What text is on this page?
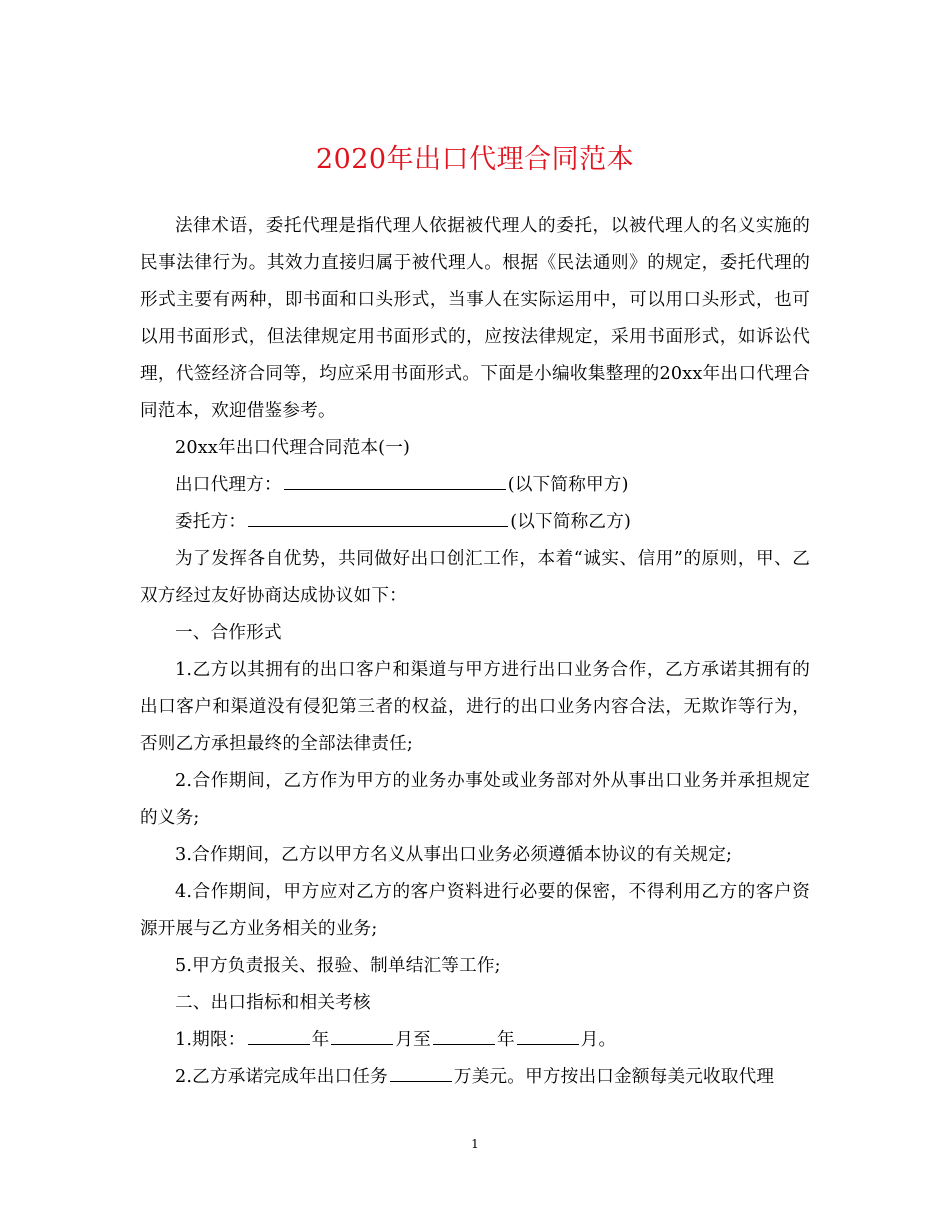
2020年出口代理合同范本

法律术语，委托代理是指代理人依据被代理人的委托，以被代理人的名义实施的民事法律行为。其效力直接归属于被代理人。根据《民法通则》的规定，委托代理的形式主要有两种，即书面和口头形式，当事人在实际运用中，可以用口头形式，也可以用书面形式，但法律规定用书面形式的，应按法律规定，采用书面形式，如诉讼代理，代签经济合同等，均应采用书面形式。下面是小编收集整理的20xx年出口代理合同范本，欢迎借鉴参考。

20xx年出口代理合同范本(一)

出口代理方：	(以下简称甲方)

委托方：	(以下简称乙方)

为了发挥各自优势，共同做好出口创汇工作，本着“诚实、信用”的原则，甲、乙双方经过友好协商达成协议如下：

一、合作形式

1.乙方以其拥有的出口客户和渠道与甲方进行出口业务合作，乙方承诺其拥有的出口客户和渠道没有侵犯第三者的权益，进行的出口业务内容合法，无欺诈等行为，否则乙方承担最终的全部法律责任;

2.合作期间，乙方作为甲方的业务办事处或业务部对外从事出口业务并承担规定的义务;

3.合作期间，乙方以甲方名义从事出口业务必须遵循本协议的有关规定;

4.合作期间，甲方应对乙方的客户资料进行必要的保密，不得利用乙方的客户资源开展与乙方业务相关的业务;

5.甲方负责报关、报验、制单结汇等工作;

二、出口指标和相关考核

1.期限：	年	月至	年	月。

2.乙方承诺完成年出口任务	万美元。甲方按出口金额每美元收取代理

1
